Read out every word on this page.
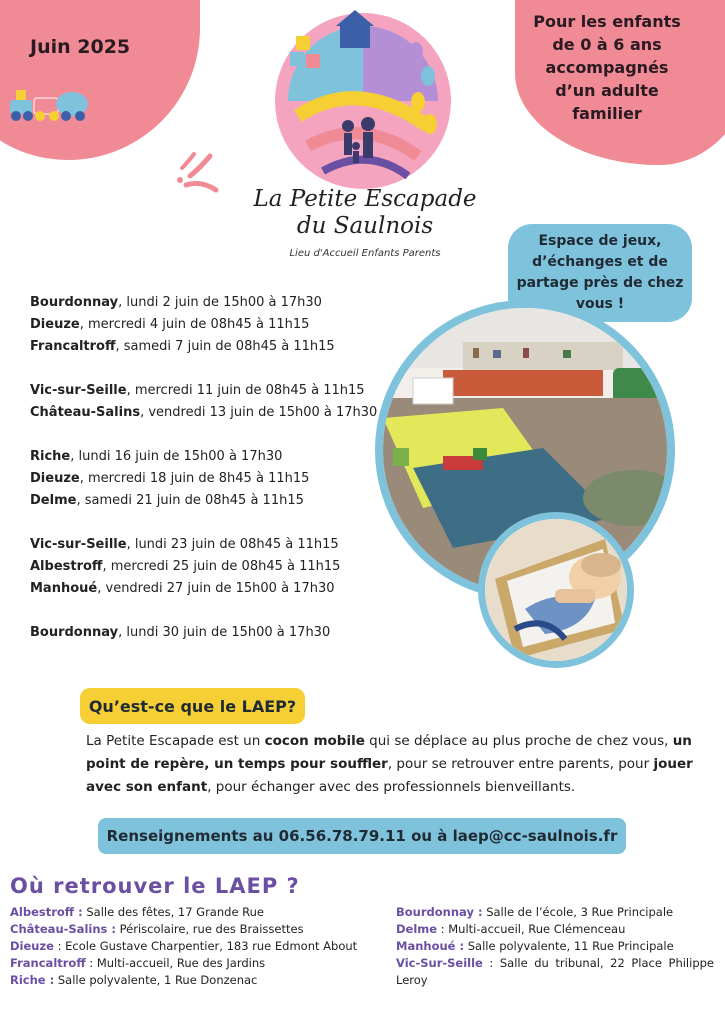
Juin 2025
Pour les enfants
de 0 à 6 ans
accompagnés
d’un adulte
familier
La Petite Escapade
du Saulnois
Lieu d'Accueil Enfants Parents
Espace de jeux,
d’échanges et de
partage près de chez
vous !
Bourdonnay, lundi 2 juin de 15h00 à 17h30
Dieuze, mercredi 4 juin de 08h45 à 11h15
Francaltroff, samedi 7 juin de 08h45 à 11h15
Vic-sur-Seille, mercredi 11 juin de 08h45 à 11h15
Château-Salins, vendredi 13 juin de 15h00 à 17h30
Riche, lundi 16 juin de 15h00 à 17h30
Dieuze, mercredi 18 juin de 8h45 à 11h15
Delme, samedi 21 juin de 08h45 à 11h15
Vic-sur-Seille, lundi 23 juin de 08h45 à 11h15
Albestroff, mercredi 25 juin de 08h45 à 11h15
Manhoué, vendredi 27 juin de 15h00 à 17h30
Bourdonnay, lundi 30 juin de 15h00 à 17h30
Qu’est-ce que le LAEP?
La Petite Escapade est un cocon mobile qui se déplace au plus proche de chez vous, un point de repère, un temps pour souffler, pour se retrouver entre parents, pour jouer avec son enfant, pour échanger avec des professionnels bienveillants.
Renseignements au 06.56.78.79.11 ou à laep@cc-saulnois.fr
Où retrouver le LAEP ?
Albestroff : Salle des fêtes, 17 Grande Rue
Château-Salins : Périscolaire, rue des Braissettes
Dieuze : Ecole Gustave Charpentier, 183 rue Edmont About
Francaltroff : Multi-accueil, Rue des Jardins
Riche : Salle polyvalente, 1 Rue Donzenac
Bourdonnay : Salle de l’école, 3 Rue Principale
Delme : Multi-accueil, Rue Clémenceau
Manhoué : Salle polyvalente, 11 Rue Principale
Vic-Sur-Seille : Salle du tribunal, 22 Place Philippe Leroy
